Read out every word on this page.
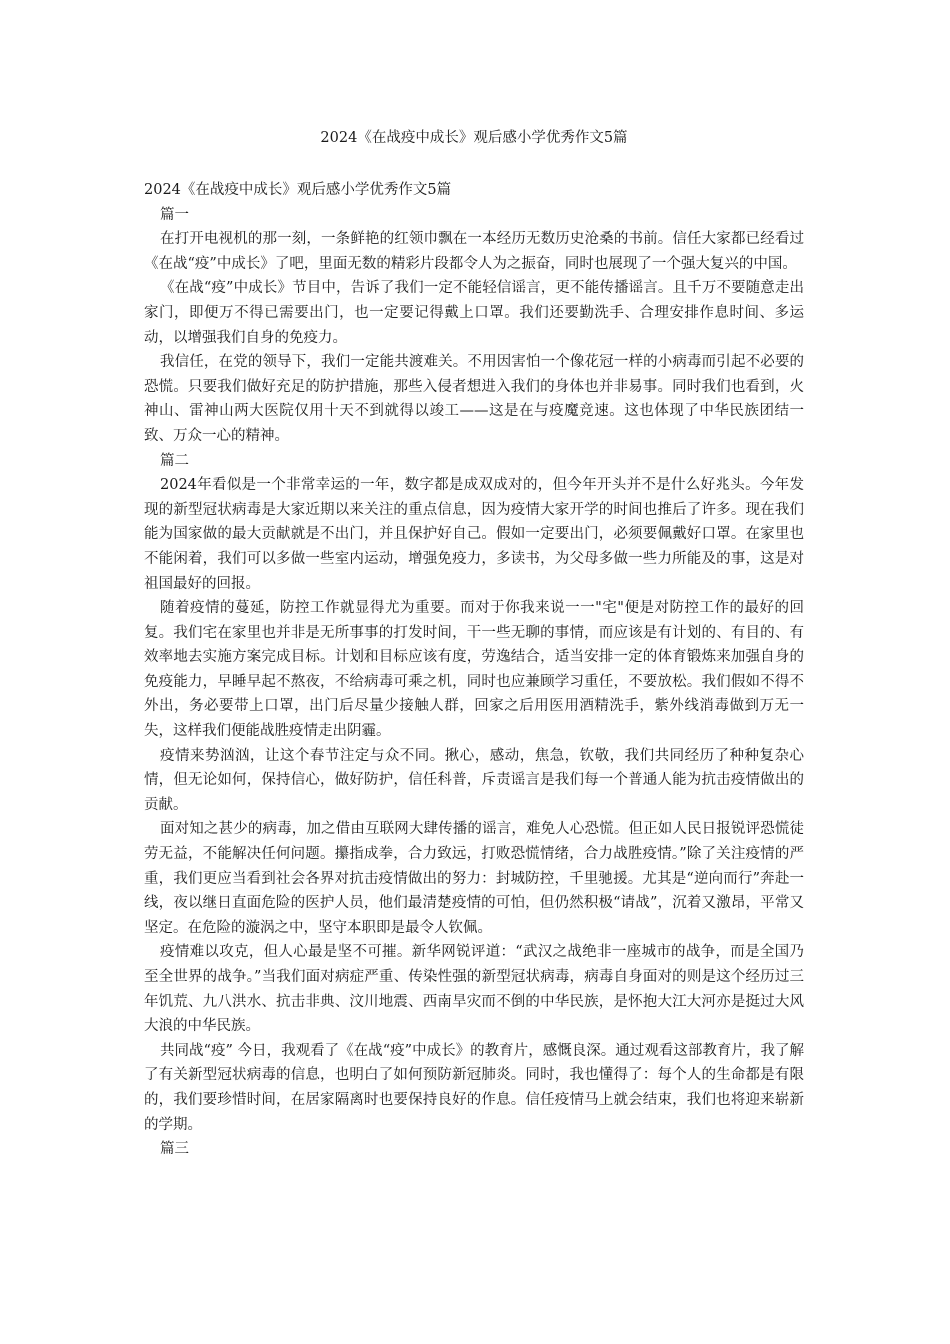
2024《在战疫中成长》观后感小学优秀作文5篇

2024《在战疫中成长》观后感小学优秀作文5篇

篇一

在打开电视机的那一刻，一条鲜艳的红领巾飘在一本经历无数历史沧桑的书前。信任大家都已经看过《在战“疫”中成长》了吧，里面无数的精彩片段都令人为之振奋，同时也展现了一个强大复兴的中国。

《在战“疫”中成长》节目中，告诉了我们一定不能轻信谣言，更不能传播谣言。且千万不要随意走出家门，即便万不得已需要出门，也一定要记得戴上口罩。我们还要勤洗手、合理安排作息时间、多运动，以增强我们自身的免疫力。

我信任，在党的领导下，我们一定能共渡难关。不用因害怕一个像花冠一样的小病毒而引起不必要的恐慌。只要我们做好充足的防护措施，那些入侵者想进入我们的身体也并非易事。同时我们也看到，火神山、雷神山两大医院仅用十天不到就得以竣工——这是在与疫魔竞速。这也体现了中华民族团结一致、万众一心的精神。

篇二

2024年看似是一个非常幸运的一年，数字都是成双成对的，但今年开头并不是什么好兆头。今年发现的新型冠状病毒是大家近期以来关注的重点信息，因为疫情大家开学的时间也推后了许多。现在我们能为国家做的最大贡献就是不出门，并且保护好自己。假如一定要出门，必须要佩戴好口罩。在家里也不能闲着，我们可以多做一些室内运动，增强免疫力，多读书，为父母多做一些力所能及的事，这是对祖国最好的回报。

随着疫情的蔓延，防控工作就显得尤为重要。而对于你我来说一一"宅"便是对防控工作的最好的回复。我们宅在家里也并非是无所事事的打发时间，干一些无聊的事情，而应该是有计划的、有目的、有效率地去实施方案完成目标。计划和目标应该有度，劳逸结合，适当安排一定的体育锻炼来加强自身的免疫能力，早睡早起不熬夜，不给病毒可乘之机，同时也应兼顾学习重任，不要放松。我们假如不得不外出，务必要带上口罩，出门后尽量少接触人群，回家之后用医用酒精洗手，紫外线消毒做到万无一失，这样我们便能战胜疫情走出阴霾。

疫情来势汹汹，让这个春节注定与众不同。揪心，感动，焦急，钦敬，我们共同经历了种种复杂心情，但无论如何，保持信心，做好防护，信任科普，斥责谣言是我们每一个普通人能为抗击疫情做出的贡献。

面对知之甚少的病毒，加之借由互联网大肆传播的谣言，难免人心恐慌。但正如人民日报锐评恐慌徒劳无益，不能解决任何问题。攥指成拳，合力致远，打败恐慌情绪，合力战胜疫情。”除了关注疫情的严重，我们更应当看到社会各界对抗击疫情做出的努力：封城防控，千里驰援。尤其是“逆向而行”奔赴一线，夜以继日直面危险的医护人员，他们最清楚疫情的可怕，但仍然积极“请战”，沉着又激昂，平常又坚定。在危险的漩涡之中，坚守本职即是最令人钦佩。

疫情难以攻克，但人心最是坚不可摧。新华网锐评道：“武汉之战绝非一座城市的战争，而是全国乃至全世界的战争。”当我们面对病症严重、传染性强的新型冠状病毒，病毒自身面对的则是这个经历过三年饥荒、九八洪水、抗击非典、汶川地震、西南旱灾而不倒的中华民族，是怀抱大江大河亦是挺过大风大浪的中华民族。

共同战“疫” 今日，我观看了《在战“疫”中成长》的教育片，感慨良深。通过观看这部教育片，我了解了有关新型冠状病毒的信息，也明白了如何预防新冠肺炎。同时，我也懂得了：每个人的生命都是有限的，我们要珍惜时间，在居家隔离时也要保持良好的作息。信任疫情马上就会结束，我们也将迎来崭新的学期。

篇三
